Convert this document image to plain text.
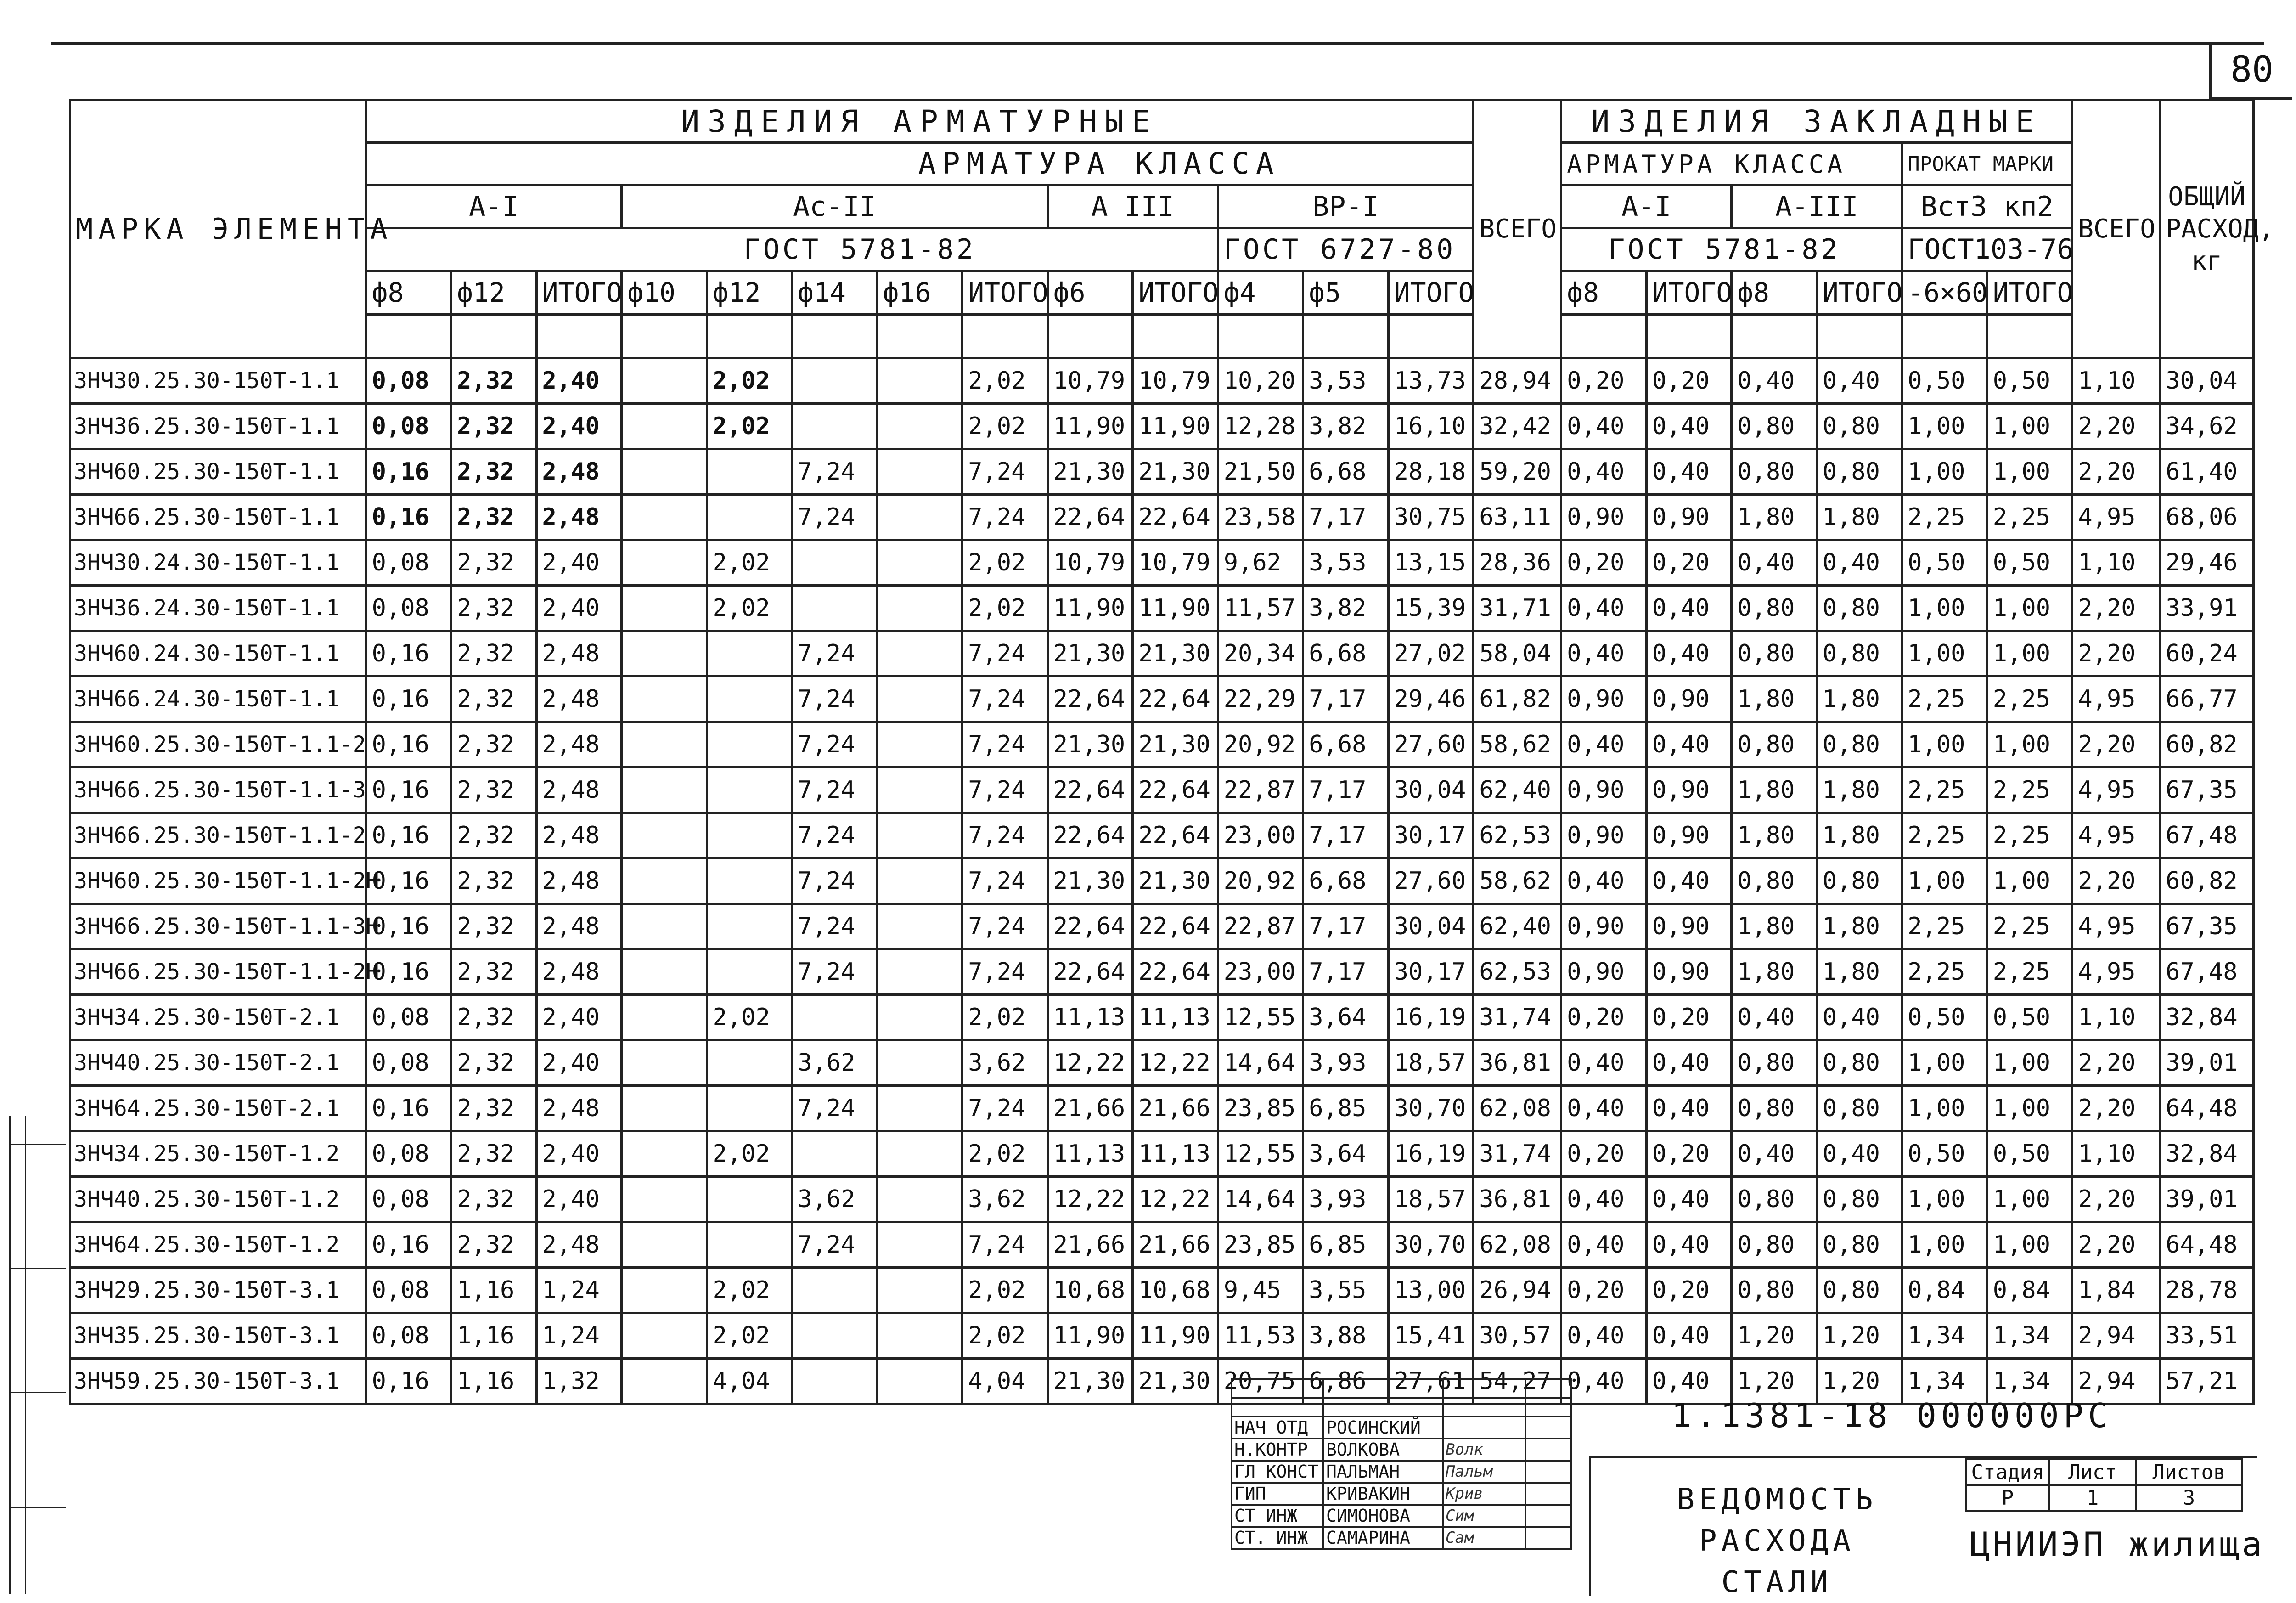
80
МАРКА ЭЛЕМЕНТА	ИЗДЕЛИЯ АРМАТУРНЫЕ													ВСЕГО	ИЗДЕЛИЯ ЗАКЛАДНЫЕ						ВСЕГО	ОБЩИЙ РАСХОД, кг
	АРМАТУРА КЛАССА														АРМАТУРА КЛАССА				ПРОКАТ МАРКИ			
	А-I			Ас-II					А III		ВР-I				А-I		А-III		Вст3 кп2			
	ГОСТ 5781-82										ГОСТ 6727-80				ГОСТ 5781-82				ГОСТ103-76			
	ф8	ф12	ИТОГО	ф10	ф12	ф14	ф16	ИТОГО	ф6	ИТОГО	ф4	ф5	ИТОГО		ф8	ИТОГО	ф8	ИТОГО	-6×60	ИТОГО		

3НЧ30.25.30-150Т-1.1	0,08	2,32	2,40		2,02			2,02	10,79	10,79	10,20	3,53	13,73	28,94	0,20	0,20	0,40	0,40	0,50	0,50	1,10	30,04
3НЧ36.25.30-150Т-1.1	0,08	2,32	2,40		2,02			2,02	11,90	11,90	12,28	3,82	16,10	32,42	0,40	0,40	0,80	0,80	1,00	1,00	2,20	34,62
3НЧ60.25.30-150Т-1.1	0,16	2,32	2,48			7,24		7,24	21,30	21,30	21,50	6,68	28,18	59,20	0,40	0,40	0,80	0,80	1,00	1,00	2,20	61,40
3НЧ66.25.30-150Т-1.1	0,16	2,32	2,48			7,24		7,24	22,64	22,64	23,58	7,17	30,75	63,11	0,90	0,90	1,80	1,80	2,25	2,25	4,95	68,06
3НЧ30.24.30-150Т-1.1	0,08	2,32	2,40		2,02			2,02	10,79	10,79	9,62	3,53	13,15	28,36	0,20	0,20	0,40	0,40	0,50	0,50	1,10	29,46
3НЧ36.24.30-150Т-1.1	0,08	2,32	2,40		2,02			2,02	11,90	11,90	11,57	3,82	15,39	31,71	0,40	0,40	0,80	0,80	1,00	1,00	2,20	33,91
3НЧ60.24.30-150Т-1.1	0,16	2,32	2,48			7,24		7,24	21,30	21,30	20,34	6,68	27,02	58,04	0,40	0,40	0,80	0,80	1,00	1,00	2,20	60,24
3НЧ66.24.30-150Т-1.1	0,16	2,32	2,48			7,24		7,24	22,64	22,64	22,29	7,17	29,46	61,82	0,90	0,90	1,80	1,80	2,25	2,25	4,95	66,77
3НЧ60.25.30-150Т-1.1-2	0,16	2,32	2,48			7,24		7,24	21,30	21,30	20,92	6,68	27,60	58,62	0,40	0,40	0,80	0,80	1,00	1,00	2,20	60,82
3НЧ66.25.30-150Т-1.1-3	0,16	2,32	2,48			7,24		7,24	22,64	22,64	22,87	7,17	30,04	62,40	0,90	0,90	1,80	1,80	2,25	2,25	4,95	67,35
3НЧ66.25.30-150Т-1.1-2	0,16	2,32	2,48			7,24		7,24	22,64	22,64	23,00	7,17	30,17	62,53	0,90	0,90	1,80	1,80	2,25	2,25	4,95	67,48
3НЧ60.25.30-150Т-1.1-2Н	0,16	2,32	2,48			7,24		7,24	21,30	21,30	20,92	6,68	27,60	58,62	0,40	0,40	0,80	0,80	1,00	1,00	2,20	60,82
3НЧ66.25.30-150Т-1.1-3Н	0,16	2,32	2,48			7,24		7,24	22,64	22,64	22,87	7,17	30,04	62,40	0,90	0,90	1,80	1,80	2,25	2,25	4,95	67,35
3НЧ66.25.30-150Т-1.1-2Н	0,16	2,32	2,48			7,24		7,24	22,64	22,64	23,00	7,17	30,17	62,53	0,90	0,90	1,80	1,80	2,25	2,25	4,95	67,48
3НЧ34.25.30-150Т-2.1	0,08	2,32	2,40		2,02			2,02	11,13	11,13	12,55	3,64	16,19	31,74	0,20	0,20	0,40	0,40	0,50	0,50	1,10	32,84
3НЧ40.25.30-150Т-2.1	0,08	2,32	2,40			3,62		3,62	12,22	12,22	14,64	3,93	18,57	36,81	0,40	0,40	0,80	0,80	1,00	1,00	2,20	39,01
3НЧ64.25.30-150Т-2.1	0,16	2,32	2,48			7,24		7,24	21,66	21,66	23,85	6,85	30,70	62,08	0,40	0,40	0,80	0,80	1,00	1,00	2,20	64,48
3НЧ34.25.30-150Т-1.2	0,08	2,32	2,40		2,02			2,02	11,13	11,13	12,55	3,64	16,19	31,74	0,20	0,20	0,40	0,40	0,50	0,50	1,10	32,84
3НЧ40.25.30-150Т-1.2	0,08	2,32	2,40			3,62		3,62	12,22	12,22	14,64	3,93	18,57	36,81	0,40	0,40	0,80	0,80	1,00	1,00	2,20	39,01
3НЧ64.25.30-150Т-1.2	0,16	2,32	2,48			7,24		7,24	21,66	21,66	23,85	6,85	30,70	62,08	0,40	0,40	0,80	0,80	1,00	1,00	2,20	64,48
3НЧ29.25.30-150Т-3.1	0,08	1,16	1,24		2,02			2,02	10,68	10,68	9,45	3,55	13,00	26,94	0,20	0,20	0,80	0,80	0,84	0,84	1,84	28,78
3НЧ35.25.30-150Т-3.1	0,08	1,16	1,24		2,02			2,02	11,90	11,90	11,53	3,88	15,41	30,57	0,40	0,40	1,20	1,20	1,34	1,34	2,94	33,51
3НЧ59.25.30-150Т-3.1	0,16	1,16	1,32		4,04			4,04	21,30	21,30	20,75	6,86	27,61	54,27	0,40	0,40	1,20	1,20	1,34	1,34	2,94	57,21
1.1381-18 000000РС

НАЧ ОТД	РОСИНСКИЙ		
Н.КОНТР	ВОЛКОВА	Волк	
ГЛ КОНСТ	ПАЛЬМАН	Пальм	
ГИП	КРИВАКИН	Крив	
СТ ИНЖ	СИМОНОВА	Сим	
СТ. ИНЖ	САМАРИНА	Сам	
ВЕДОМОСТЬ РАСХОДА
СТАЛИ
Стадия	Лист	Листов
Р	1	3
ЦНИИЭП жилища
